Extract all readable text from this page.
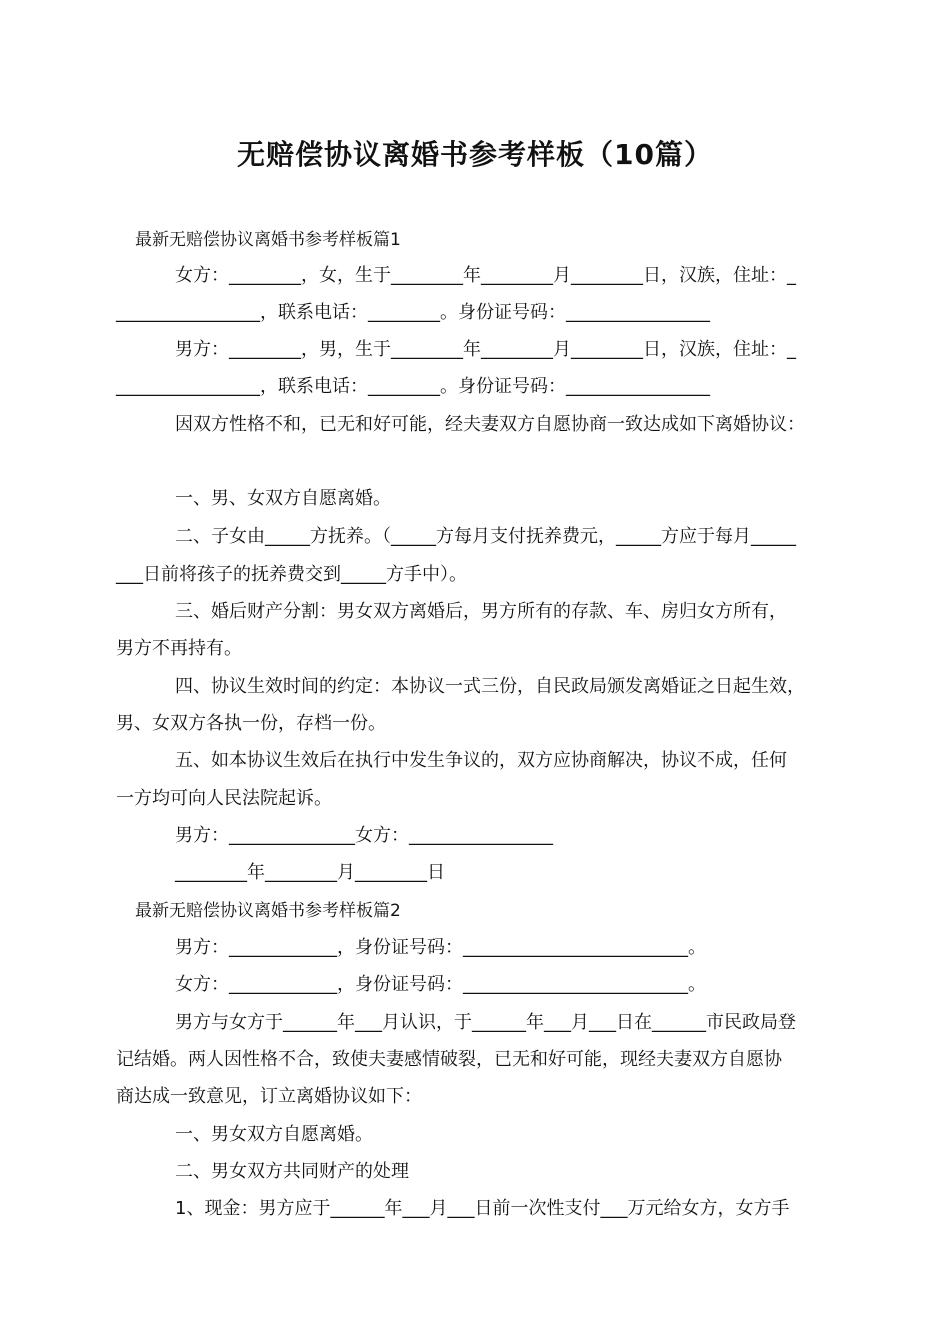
无赔偿协议离婚书参考样板（10篇）
最新无赔偿协议离婚书参考样板篇1
女方：________，女，生于________年________月________日，汉族，住址：_
________________，联系电话：________。身份证号码：________________
男方：________，男，生于________年________月________日，汉族，住址：_
________________，联系电话：________。身份证号码：________________
因双方性格不和，已无和好可能，经夫妻双方自愿协商一致达成如下离婚协议：
一、男、女双方自愿离婚。
二、子女由_____方抚养。（_____方每月支付抚养费元，_____方应于每月_____
___日前将孩子的抚养费交到_____方手中）。
三、婚后财产分割：男女双方离婚后，男方所有的存款、车、房归女方所有，
男方不再持有。
四、协议生效时间的约定：本协议一式三份，自民政局颁发离婚证之日起生效，
男、女双方各执一份，存档一份。
五、如本协议生效后在执行中发生争议的，双方应协商解决，协议不成，任何
一方均可向人民法院起诉。
男方：______________女方：________________
________年________月________日
最新无赔偿协议离婚书参考样板篇2
男方：____________，身份证号码：_________________________。
女方：____________，身份证号码：_________________________。
男方与女方于______年___月认识，于______年___月___日在______市民政局登
记结婚。两人因性格不合，致使夫妻感情破裂，已无和好可能，现经夫妻双方自愿协
商达成一致意见，订立离婚协议如下：
一、男女双方自愿离婚。
二、男女双方共同财产的处理
1、现金：男方应于______年___月___日前一次性支付___万元给女方，女方手
